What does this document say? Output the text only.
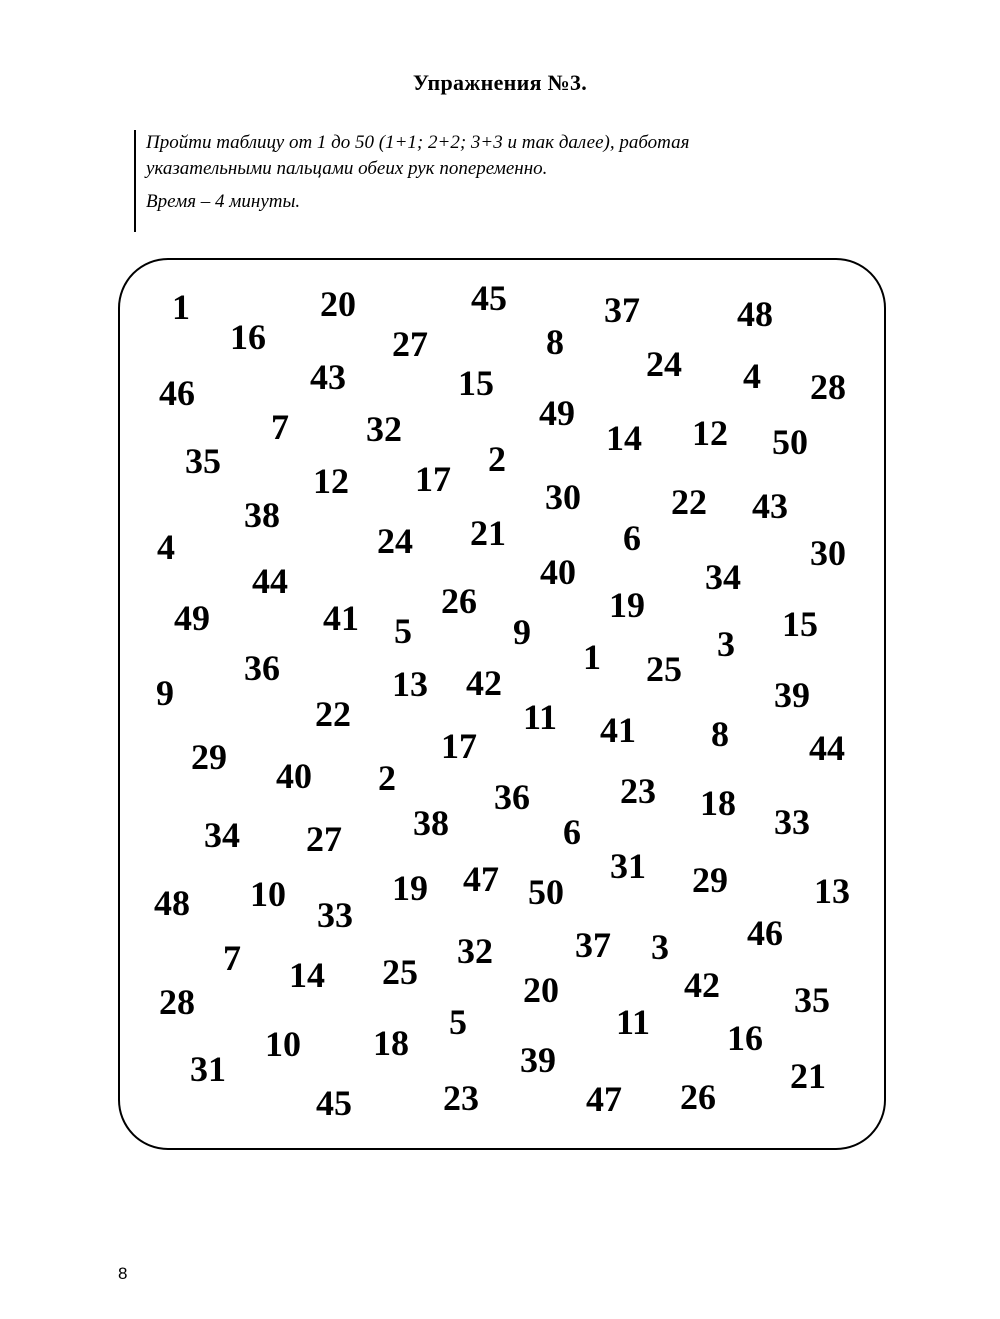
Упражнения №3.

Пройти таблицу от 1 до 50 (1+1; 2+2; 3+3 и так далее), работая

указательными пальцами обеих рук попеременно.

Время – 4 минуты.

1
16
20
27
45
8
37
24
48
4 28
46	43	15
49
14 12 50
7 32
2
35	12 17	30	22 43
38
4	24 21	6
40	30
34
44	26	19
49	41 5	9	15
3
1 25
36
9	13 42	39
22	11 41 8 44
29	17
40 2	36	23 18
34 27 38	6	33
31
47
19	50
48 10	29 13
33	46
32 37 3
7 14 25	42
20	35
28	5	11
10 18	16
39
31	21
45	23	47 26
8
